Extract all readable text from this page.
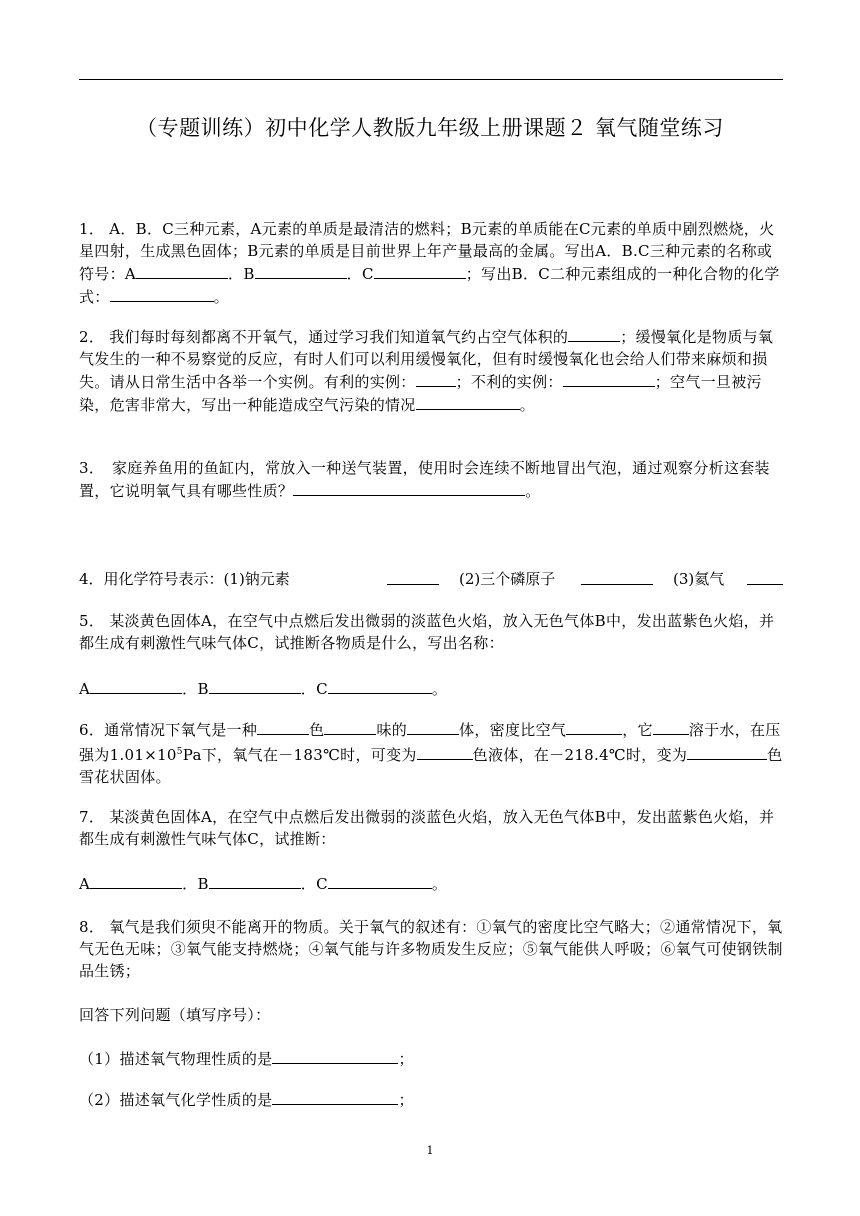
（专题训练）初中化学人教版九年级上册课题２ 氧气随堂练习
1． A．B．C三种元素，A元素的单质是最清洁的燃料；B元素的单质能在C元素的单质中剧烈燃烧，火星四射，生成黑色固体；B元素的单质是目前世界上年产量最高的金属。写出A．B.C三种元素的名称或符号：A	．B	．C	；写出B．C二种元素组成的一种化合物的化学式：	。
2． 我们每时每刻都离不开氧气，通过学习我们知道氧气约占空气体积的	；缓慢氧化是物质与氧气发生的一种不易察觉的反应，有时人们可以利用缓慢氧化，但有时缓慢氧化也会给人们带来麻烦和损失。请从日常生活中各举一个实例。有利的实例：	；不利的实例：	；空气一旦被污染，危害非常大，写出一种能造成空气污染的情况	。
3．　家庭养鱼用的鱼缸内，常放入一种送气装置，使用时会连续不断地冒出气泡，通过观察分析这套装置，它说明氧气具有哪些性质？	。
4．用化学符号表示：(1)钠元素	(2)三个磷原子	(3)氦气
5． 某淡黄色固体A，在空气中点燃后发出微弱的淡蓝色火焰，放入无色气体B中，发出蓝紫色火焰，并都生成有刺激性气味气体C，试推断各物质是什么，写出名称：
A	．B	．C	。
6．通常情况下氧气是一种	色	味的	体，密度比空气	，它 溶于水，在压强为$1.01\times 10^5Pa$下，氧气在－183℃时，可变为	色液体，在－218.4℃时，变为	色雪花状固体。
7． 某淡黄色固体A，在空气中点燃后发出微弱的淡蓝色火焰，放入无色气体B中，发出蓝紫色火焰，并都生成有刺激性气味气体C，试推断：
A	．B	．C	。
8． 氧气是我们须臾不能离开的物质。关于氧气的叙述有：①氧气的密度比空气略大；②通常情况下，氧气无色无味；③氧气能支持燃烧；④氧气能与许多物质发生反应；⑤氧气能供人呼吸；⑥氧气可使钢铁制品生锈；
回答下列问题（填写序号）：
（1）描述氧气物理性质的是	；
（2）描述氧气化学性质的是	；
1
